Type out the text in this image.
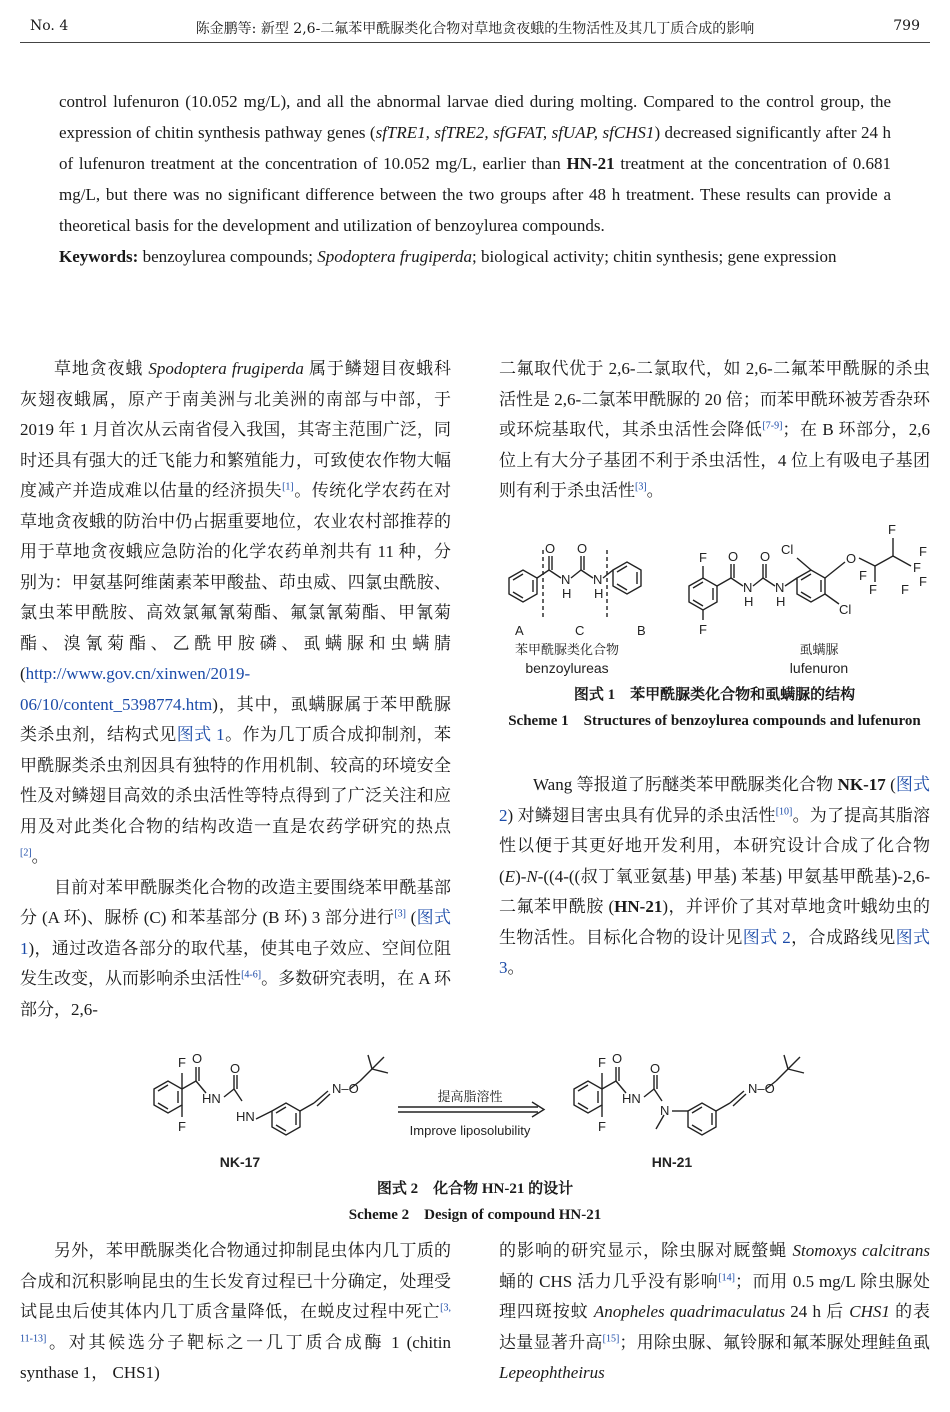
No. 4	陈金鹏等: 新型 2,6-二氟苯甲酰脲类化合物对草地贪夜蛾的生物活性及其几丁质合成的影响	799
control lufenuron (10.052 mg/L), and all the abnormal larvae died during molting. Compared to the control group, the expression of chitin synthesis pathway genes (sfTRE1, sfTRE2, sfGFAT, sfUAP, sfCHS1) decreased significantly after 24 h of lufenuron treatment at the concentration of 10.052 mg/L, earlier than HN-21 treatment at the concentration of 0.681 mg/L, but there was no significant difference between the two groups after 48 h treatment. These results can provide a theoretical basis for the development and utilization of benzoylurea compounds.
Keywords: benzoylurea compounds; Spodoptera frugiperda; biological activity; chitin synthesis; gene expression

草地贪夜蛾 Spodoptera frugiperda 属于鳞翅目夜蛾科灰翅夜蛾属，原产于南美洲与北美洲的南部与中部，于 2019 年 1 月首次从云南省侵入我国，其寄主范围广泛，同时还具有强大的迁飞能力和繁殖能力，可致使农作物大幅度减产并造成难以估量的经济损失[1]。传统化学农药在对草地贪夜蛾的防治中仍占据重要地位，农业农村部推荐的用于草地贪夜蛾应急防治的化学农药单剂共有 11 种，分别为：甲氨基阿维菌素苯甲酸盐、茚虫威、四氯虫酰胺、氯虫苯甲酰胺、高效氯氟氰菊酯、氟氯氰菊酯、甲氰菊酯、溴氰菊酯、乙酰甲胺磷、虱螨脲和虫螨腈 (http://www.gov.cn/xinwen/2019-06/10/content_5398774.htm)，其中，虱螨脲属于苯甲酰脲类杀虫剂，结构式见图式 1。作为几丁质合成抑制剂，苯甲酰脲类杀虫剂因具有独特的作用机制、较高的环境安全性及对鳞翅目高效的杀虫活性等特点得到了广泛关注和应用及对此类化合物的结构改造一直是农药学研究的热点[2]。

目前对苯甲酰脲类化合物的改造主要围绕苯甲酰基部分 (A 环)、脲桥 (C) 和苯基部分 (B 环) 3 部分进行[3] (图式 1)，通过改造各部分的取代基，使其电子效应、空间位阻发生改变，从而影响杀虫活性[4-6]。多数研究表明，在 A 环部分，2,6-

二氟取代优于 2,6-二氯取代，如 2,6-二氟苯甲酰脲的杀虫活性是 2,6-二氯苯甲酰脲的 20 倍；而苯甲酰环被芳香杂环或环烷基取代，其杀虫活性会降低[7-9]；在 B 环部分，2,6 位上有大分子基团不利于杀虫活性，4 位上有吸电子基团则有利于杀虫活性[3]。

O O
N
H
N
H
A	C	B
F
F
O O
N
H
N
H
Cl
Cl
O
F
F
F
F
F
F F
苯甲酰脲类化合物
benzoylureas
虱螨脲
lufenuron
图式 1　苯甲酰脲类化合物和虱螨脲的结构
Scheme 1　Structures of benzoylurea compounds and lufenuron

Wang 等报道了肟醚类苯甲酰脲类化合物 NK-17 (图式 2) 对鳞翅目害虫具有优异的杀虫活性[10]。为了提高其脂溶性以便于其更好地开发利用，本研究设计合成了化合物 (E)-N-((4-((叔丁氧亚氨基) 甲基) 苯基) 甲氨基甲酰基)-2,6-二氟苯甲酰胺 (HN-21)，并评价了其对草地贪叶蛾幼虫的生物活性。目标化合物的设计见图式 2，合成路线见图式 3。

F
F
O
HN
O
HN
N–O
F
F
O
HN
O
N
N–O
提高脂溶性
Improve liposolubility
NK-17	HN-21
图式 2　化合物 HN-21 的设计
Scheme 2　Design of compound HN-21

另外，苯甲酰脲类化合物通过抑制昆虫体内几丁质的合成和沉积影响昆虫的生长发育过程已十分确定，处理受试昆虫后使其体内几丁质含量降低，在蜕皮过程中死亡[3, 11-13]。对其候选分子靶标之一几丁质合成酶 1 (chitin synthase 1， CHS1)

的影响的研究显示，除虫脲对厩螫蝇 Stomoxys calcitrans 蛹的 CHS 活力几乎没有影响[14]；而用 0.5 mg/L 除虫脲处理四斑按蚊 Anopheles quadrimaculatus 24 h 后 CHS1 的表达量显著升高[15]；用除虫脲、氟铃脲和氟苯脲处理鲑鱼虱 Lepeophtheirus
